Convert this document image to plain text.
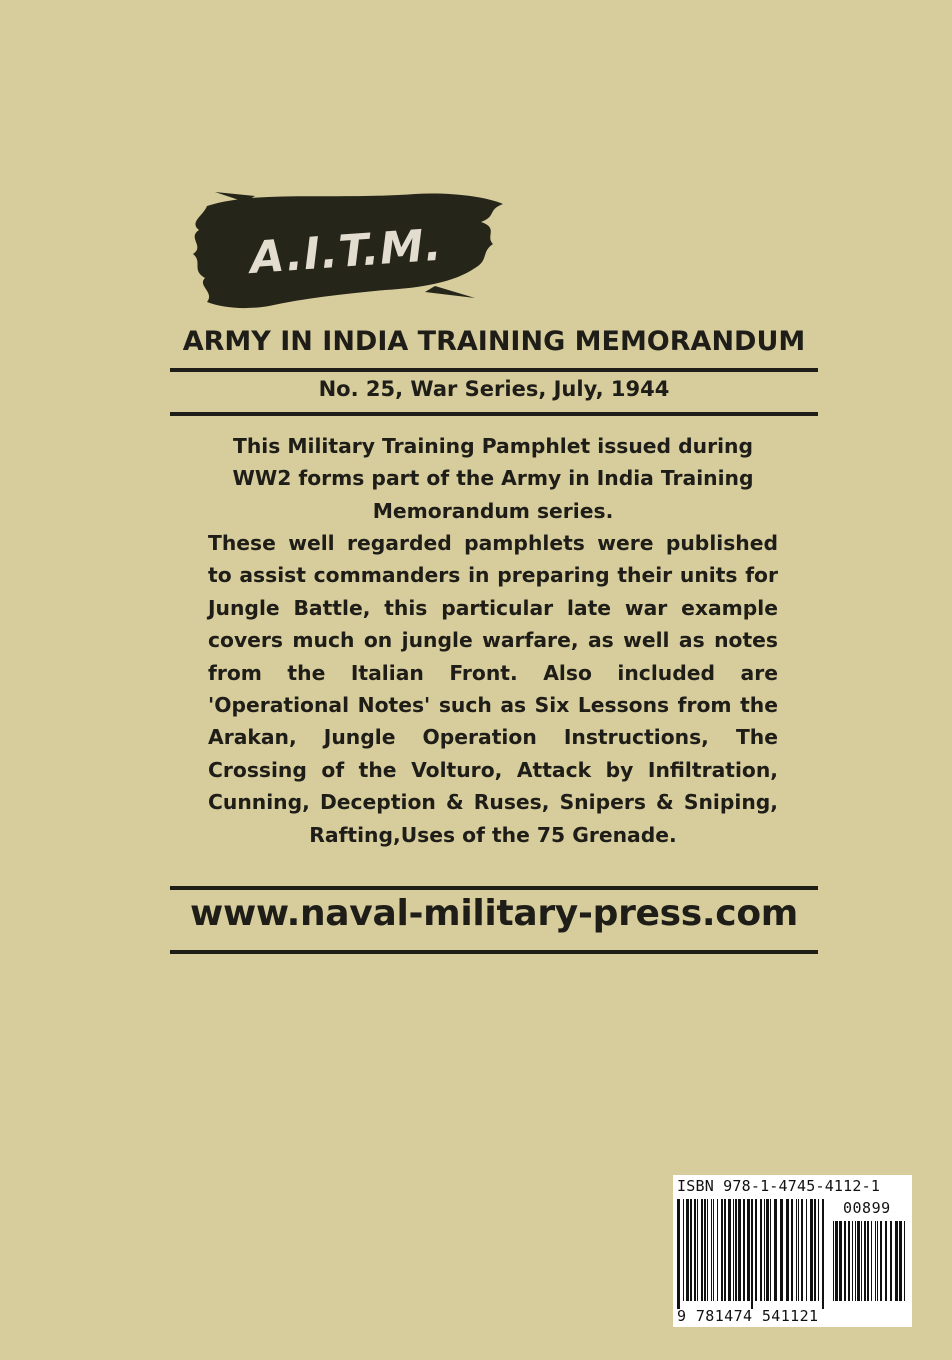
A.I.T.M.
ARMY IN INDIA TRAINING MEMORANDUM
No. 25, War Series, July, 1944
This Military Training Pamphlet issued during WW2 forms part of the Army in India Training Memorandum series.
These well regarded pamphlets were published to assist commanders in preparing their units for Jungle Battle, this particular late war example covers much on jungle warfare, as well as notes from the Italian Front. Also included are 'Operational Notes' such as Six Lessons from the Arakan, Jungle Operation Instructions, The Crossing of the Volturo, Attack by Infiltration, Cunning, Deception & Ruses, Snipers & Sniping, Rafting,Uses of the 75 Grenade.
www.naval-military-press.com
ISBN 978-1-4745-4112-1
00899
9 781474 541121
